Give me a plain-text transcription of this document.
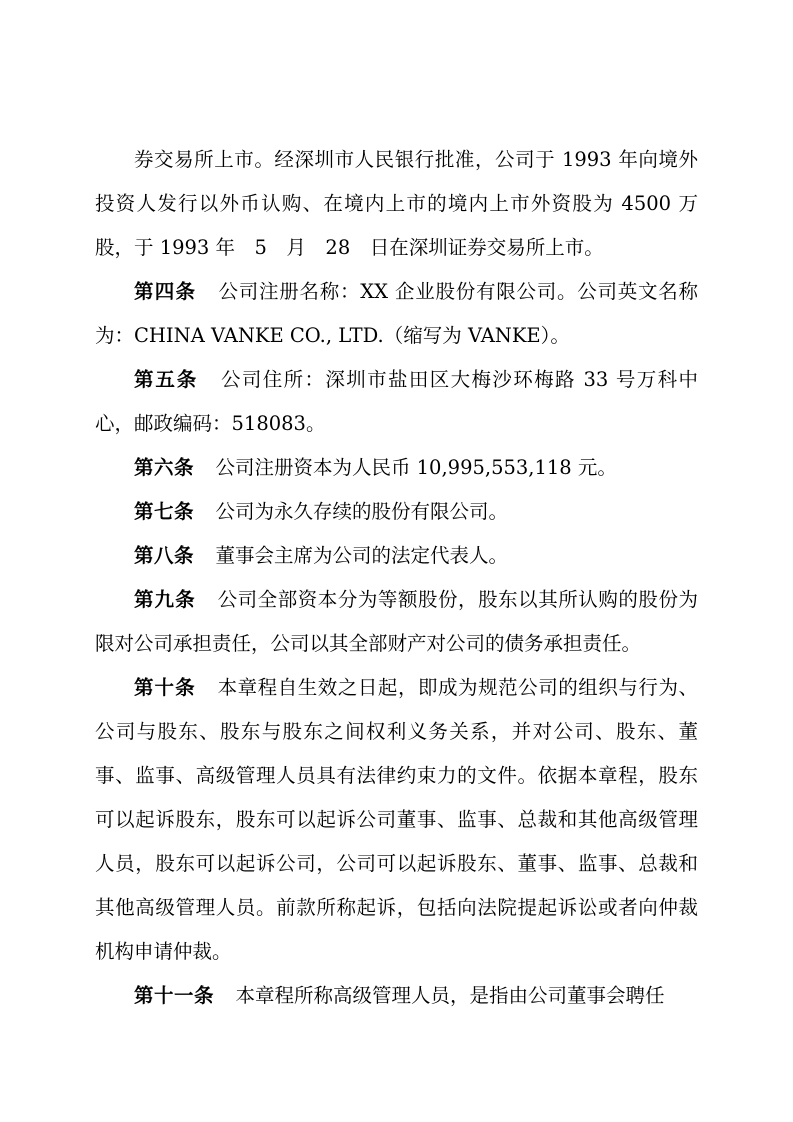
券交易所上市。经深圳市人民银行批准，公司于 1993 年向境外投资人发行以外币认购、在境内上市的境内上市外资股为 4500 万股，于 1993 年　5　月　28　日在深圳证券交易所上市。

第四条 公司注册名称：XX 企业股份有限公司。公司英文名称为：CHINA VANKE CO., LTD.（缩写为 VANKE）。

第五条 公司住所：深圳市盐田区大梅沙环梅路 33 号万科中心，邮政编码：518083。

第六条 公司注册资本为人民币 10,995,553,118 元。

第七条 公司为永久存续的股份有限公司。

第八条 董事会主席为公司的法定代表人。

第九条 公司全部资本分为等额股份，股东以其所认购的股份为限对公司承担责任，公司以其全部财产对公司的债务承担责任。

第十条 本章程自生效之日起，即成为规范公司的组织与行为、公司与股东、股东与股东之间权利义务关系，并对公司、股东、董事、监事、高级管理人员具有法律约束力的文件。依据本章程，股东可以起诉股东，股东可以起诉公司董事、监事、总裁和其他高级管理人员，股东可以起诉公司，公司可以起诉股东、董事、监事、总裁和其他高级管理人员。前款所称起诉，包括向法院提起诉讼或者向仲裁机构申请仲裁。

第十一条 本章程所称高级管理人员，是指由公司董事会聘任
